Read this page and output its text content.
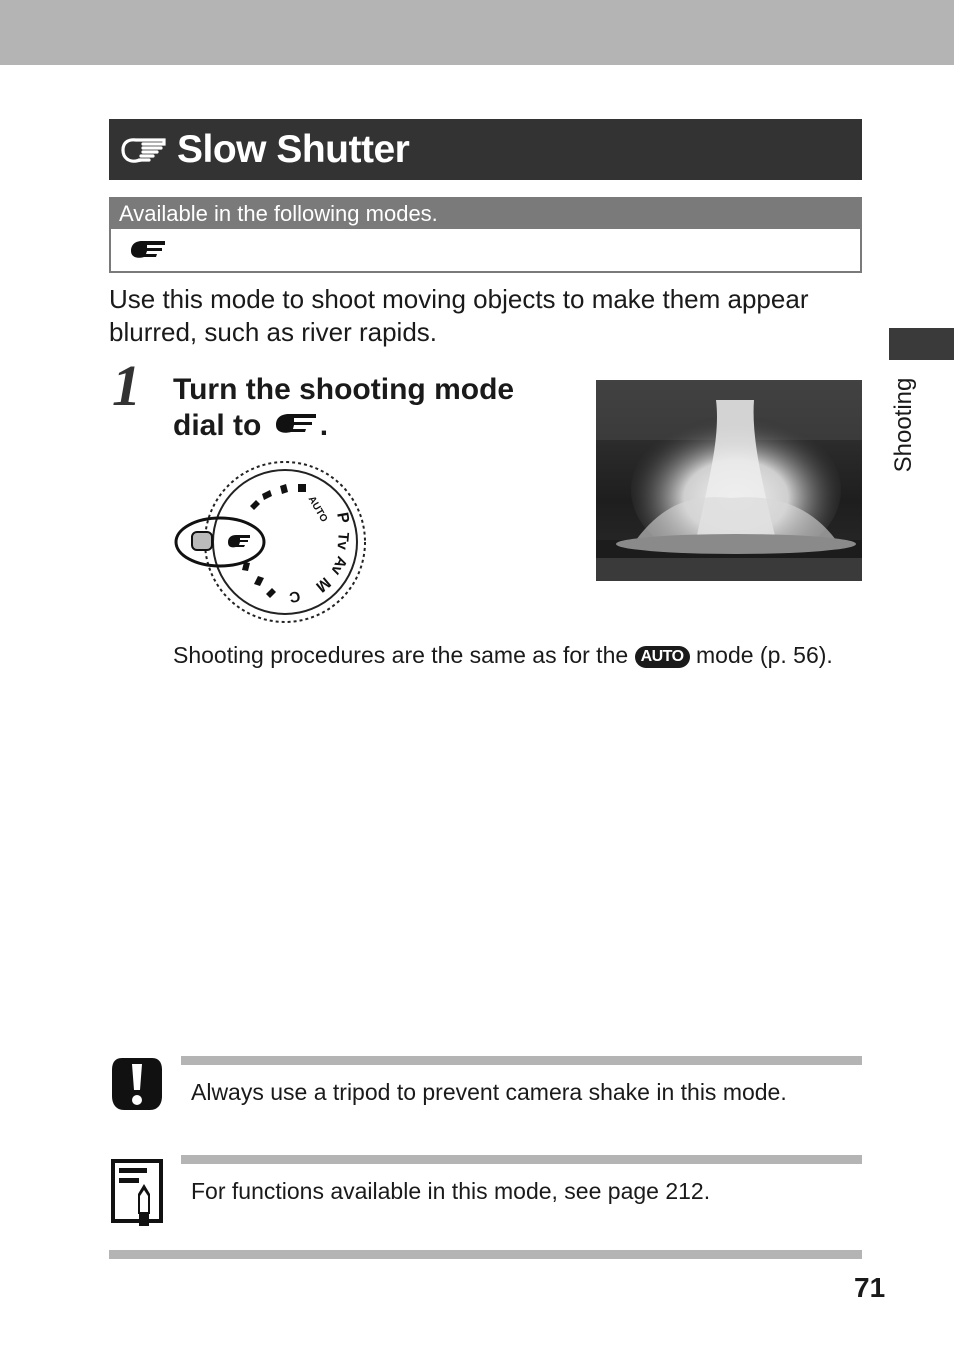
Slow Shutter
Available in the following modes.
Use this mode to shoot moving objects to make them appear blurred, such as river rapids.
1 Turn the shooting mode dial to .
AUTO P
Tv
Av
M
C
Shooting procedures are the same as for the AUTO mode (p. 56).
Shooting
Always use a tripod to prevent camera shake in this mode.
For functions available in this mode, see page 212.
71
